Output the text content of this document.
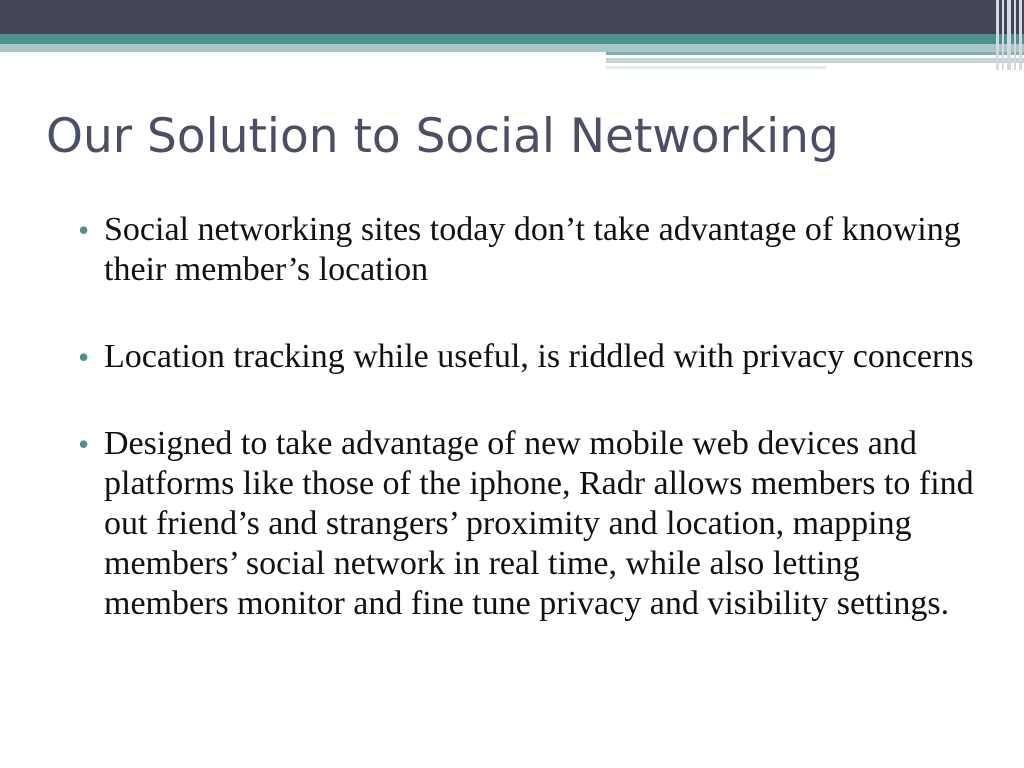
Our Solution to Social Networking
• Social networking sites today don’t take advantage of knowing their member’s location
• Location tracking while useful, is riddled with privacy concerns
• Designed to take advantage of new mobile web devices and platforms like those of the iphone, Radr allows members to find out friend’s and strangers’ proximity and location, mapping members’ social network in real time, while also letting members monitor and fine tune privacy and visibility settings.
